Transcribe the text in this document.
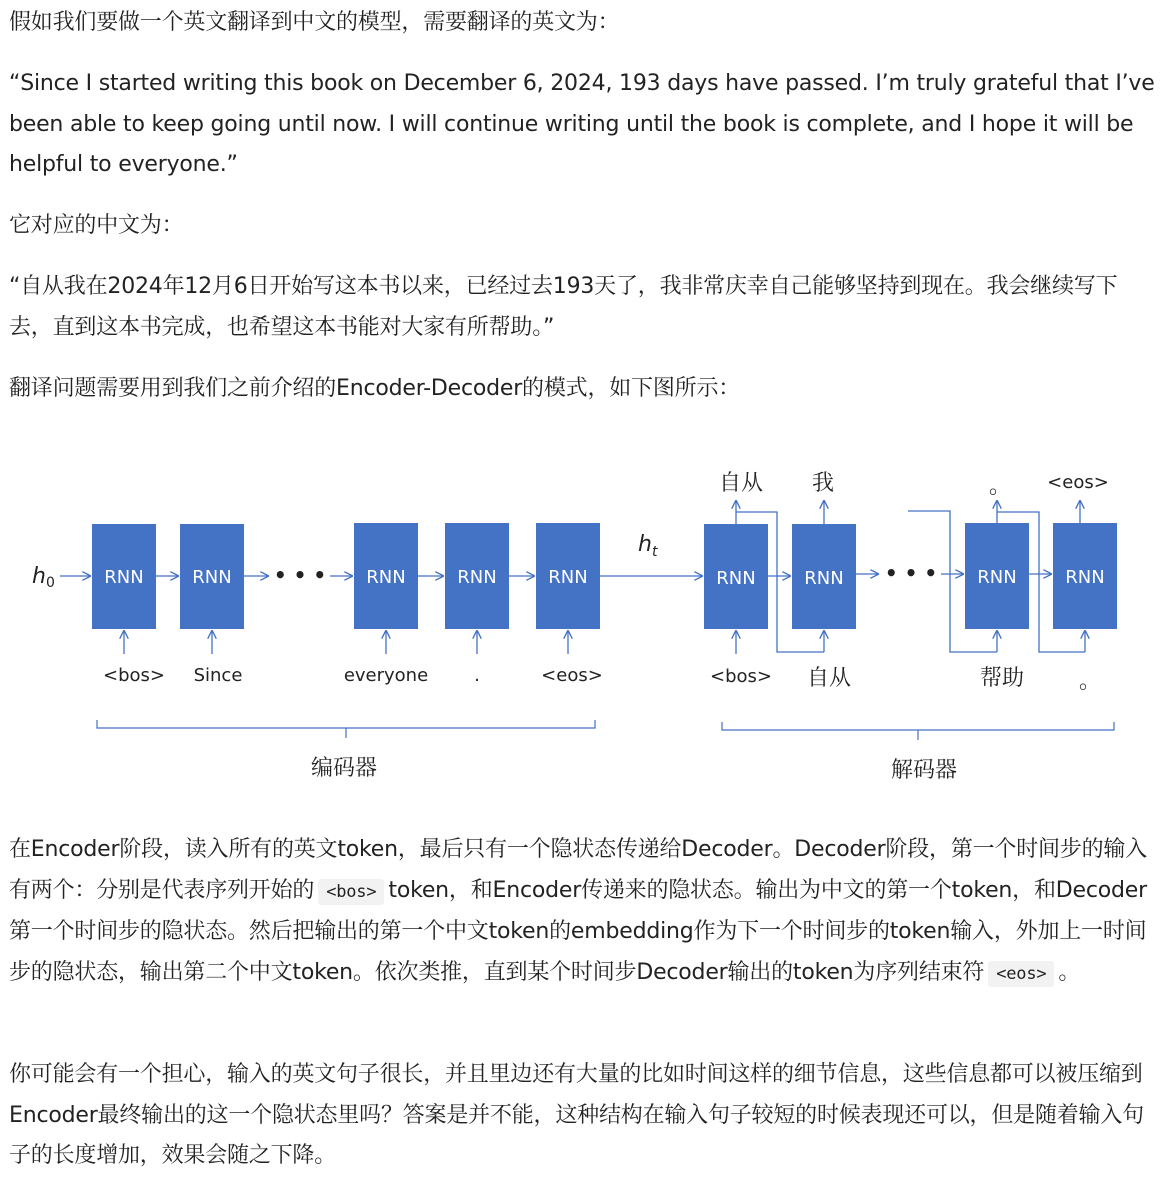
假如我们要做一个英文翻译到中文的模型，需要翻译的英文为：

“Since I started writing this book on December 6, 2024, 193 days have passed. I’m truly grateful that I’ve been able to keep going until now. I will continue writing until the book is complete, and I hope it will be helpful to everyone.”

它对应的中文为：

“自从我在2024年12月6日开始写这本书以来，已经过去193天了，我非常庆幸自己能够坚持到现在。我会继续写下去，直到这本书完成，也希望这本书能对大家有所帮助。”

翻译问题需要用到我们之前介绍的Encoder-Decoder的模式，如下图所示：

h0	RNN	RNN	RNN	RNN	RNN	RNN	RNN	RNN	RNN
• • •	• • •
$h_t$
<bos> Since	everyone	.	<eos>	<bos> 自从	帮助 。
自从 我	。 <eos>
编码器	解码器

在Encoder阶段，读入所有的英文token，最后只有一个隐状态传递给Decoder。Decoder阶段，第一个时间步的输入有两个：分别是代表序列开始的 <bos> token，和Encoder传递来的隐状态。输出为中文的第一个token，和Decoder第一个时间步的隐状态。然后把输出的第一个中文token的embedding作为下一个时间步的token输入，外加上一时间步的隐状态，输出第二个中文token。依次类推，直到某个时间步Decoder输出的token为序列结束符 <eos> 。

你可能会有一个担心，输入的英文句子很长，并且里边还有大量的比如时间这样的细节信息，这些信息都可以被压缩到Encoder最终输出的这一个隐状态里吗？答案是并不能，这种结构在输入句子较短的时候表现还可以，但是随着输入句子的长度增加，效果会随之下降。
